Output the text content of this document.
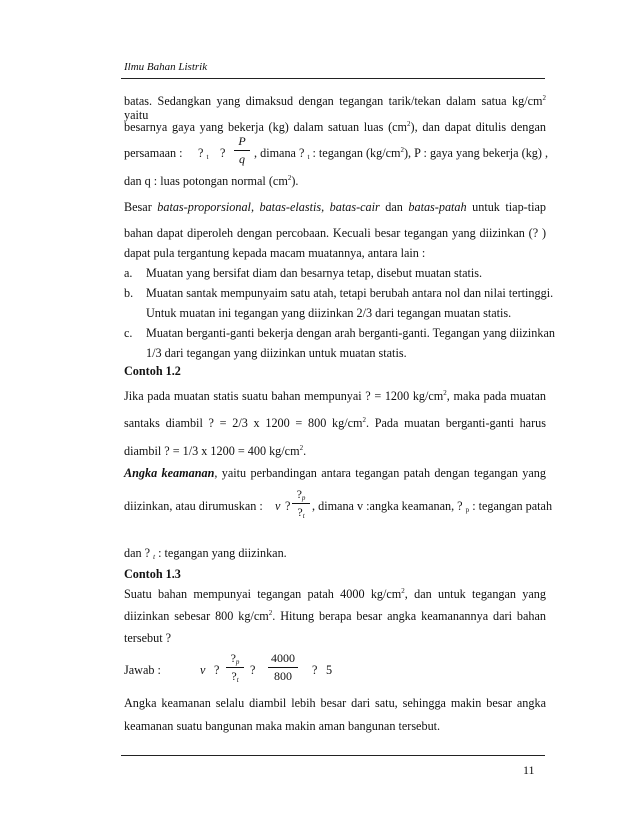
Ilmu Bahan Listrik
batas. Sedangkan yang dimaksud dengan tegangan tarik/tekan dalam satua $kg/cm^2$ yaitu
besarnya gaya yang bekerja (kg) dalam satuan luas $(cm^2)$, dan dapat ditulis dengan
persamaan : ? $_t$ ?
P
q , dimana ? $_t$ : tegangan $(kg/cm^2)$, P : gaya yang bekerja (kg) ,
dan q : luas potongan normal $(cm^2)$.
Besar batas-proporsional, batas-elastis, batas-cair dan batas-patah untuk tiap-tiap
bahan dapat diperoleh dengan percobaan. Kecuali besar tegangan yang diizinkan (? )
dapat pula tergantung kepada macam muatannya, antara lain :
a. Muatan yang bersifat diam dan besarnya tetap, disebut muatan statis.
b. Muatan santak mempunyaim satu atah, tetapi berubah antara nol dan nilai tertinggi.
Untuk muatan ini tegangan yang diizinkan 2/3 dari tegangan muatan statis.
c. Muatan berganti-ganti bekerja dengan arah berganti-ganti. Tegangan yang diizinkan
1/3 dari tegangan yang diizinkan untuk muatan statis.
Contoh 1.2
Jika pada muatan statis suatu bahan mempunyai ? = 1200 $kg/cm^2$, maka pada muatan
santaks diambil ? = 2/3 x 1200 = 800 $kg/cm^2$. Pada muatan berganti-ganti harus
diambil ? = 1/3 x 1200 = 400 $kg/cm^2$.
Angka keamanan, yaitu perbandingan antara tegangan patah dengan tegangan yang
diizinkan, atau dirumuskan : v ?
$?_p$
$?_t$
, dimana v :angka keamanan, ? $_p$ : tegangan patah
dan ? $_t$ : tegangan yang diizinkan.
Contoh 1.3
Suatu bahan mempunyai tegangan patah 4000 $kg/cm^2$, dan untuk tegangan yang
diizinkan sebesar 800 $kg/cm^2$. Hitung berapa besar angka keamanannya dari bahan
tersebut ?
Jawab :	v ?
$?_p$
$?_t$
?
4000
800	? 5
Angka keamanan selalu diambil lebih besar dari satu, sehingga makin besar angka
keamanan suatu bangunan maka makin aman bangunan tersebut.
11
